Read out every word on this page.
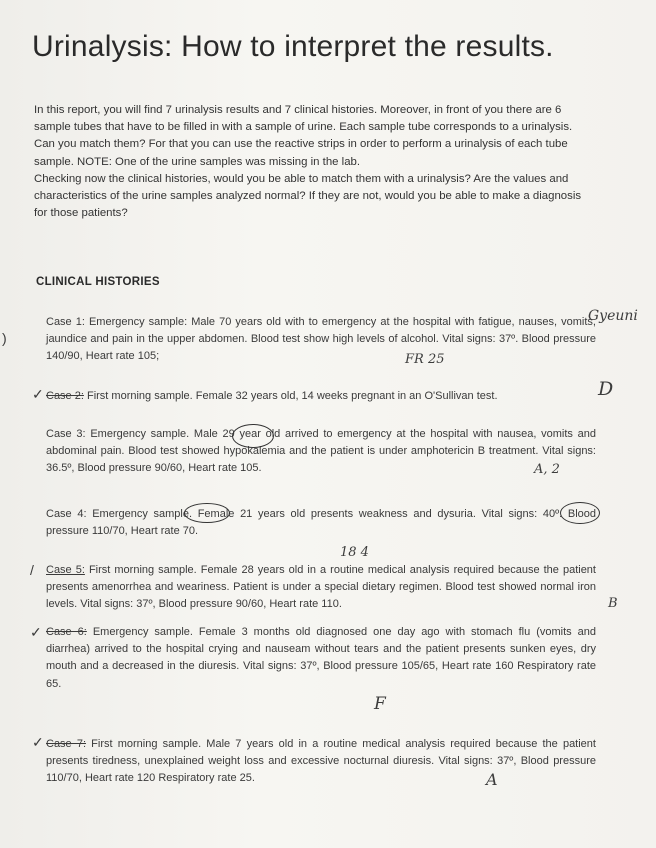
Urinalysis: How to interpret the results.

In this report, you will find 7 urinalysis results and 7 clinical histories. Moreover, in front of you there are 6 sample tubes that have to be filled in with a sample of urine. Each sample tube corresponds to a urinalysis. Can you match them? For that you can use the reactive strips in order to perform a urinalysis of each tube sample. NOTE: One of the urine samples was missing in the lab.

Checking now the clinical histories, would you be able to match them with a urinalysis? Are the values and characteristics of the urine samples analyzed normal? If they are not, would you be able to make a diagnosis for those patients?

CLINICAL HISTORIES

Case 1: Emergency sample: Male 70 years old with to emergency at the hospital with fatigue, nauses, vomits, jaundice and pain in the upper abdomen. Blood test show high levels of alcohol. Vital signs: 37º. Blood pressure 140/90, Heart rate 105;	FR 25
Gyeuni
)

Case 2: First morning sample. Female 32 years old, 14 weeks pregnant in an O'Sullivan test.

✓	D

Case 3: Emergency sample. Male 29 year old arrived to emergency at the hospital with nausea, vomits and abdominal pain. Blood test showed hypokalemia and the patient is under amphotericin B treatment. Vital signs: 36.5º, Blood pressure 90/60, Heart rate 105.	A, 2

Case 4: Emergency sample. Female 21 years old presents weakness and dysuria. Vital signs: 40º. Blood pressure 110/70, Heart rate 70.

Case 5: First morning sample. Female 28 years old in a routine medical analysis required because the patient presents amenorrhea and weariness. Patient is under a special dietary regimen. Blood test showed normal iron levels. Vital signs: 37º, Blood pressure 90/60, Heart rate 110.

/
18 4
B

Case 6: Emergency sample. Female 3 months old diagnosed one day ago with stomach flu (vomits and diarrhea) arrived to the hospital crying and nauseam without tears and the patient presents sunken eyes, dry mouth and a decreased in the diuresis. Vital signs: 37º, Blood pressure 105/65, Heart rate 160 Respiratory rate 65.

✓
F

Case 7: First morning sample. Male 7 years old in a routine medical analysis required because the patient presents tiredness, unexplained weight loss and excessive nocturnal diuresis. Vital signs: 37º, Blood pressure 110/70, Heart rate 120 Respiratory rate 25.

✓
A
